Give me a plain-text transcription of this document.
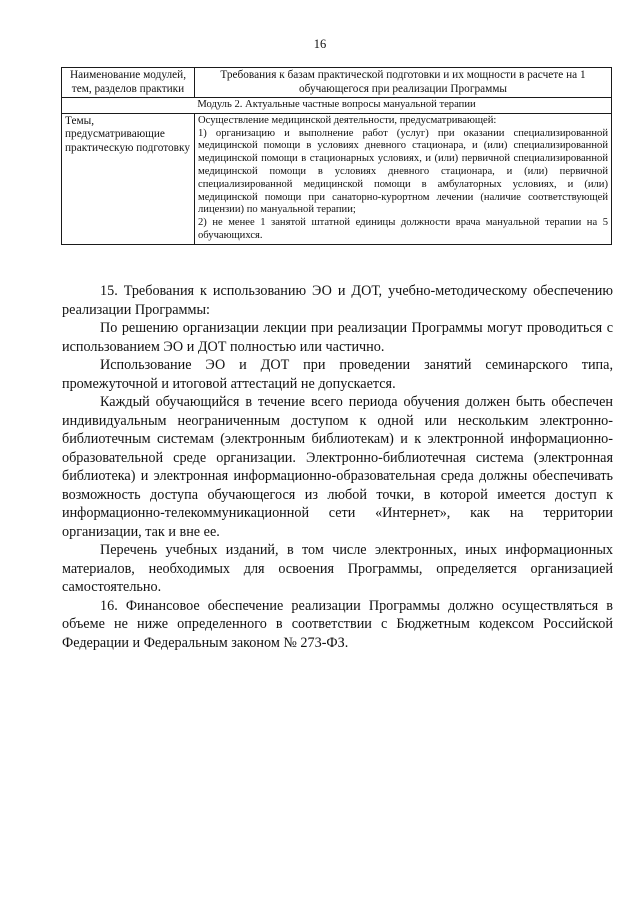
16
Наименование модулей, тем, разделов практики	Требования к базам практической подготовки и их мощности в расчете на 1 обучающегося при реализации Программы
Модуль 2. Актуальные частные вопросы мануальной терапии	
Темы, предусматривающие практическую подготовку	Осуществление медицинской деятельности, предусматривающей:
1) организацию и выполнение работ (услуг) при оказании специализированной медицинской помощи в условиях дневного стационара, и (или) специализированной медицинской помощи в стационарных условиях, и (или) первичной специализированной медицинской помощи в условиях дневного стационара, и (или) первичной специализированной медицинской помощи в амбулаторных условиях, и (или) медицинской помощи при санаторно-курортном лечении (наличие соответствующей лицензии) по мануальной терапии;
2) не менее 1 занятой штатной единицы должности врача мануальной терапии на 5 обучающихся.

15. Требования к использованию ЭО и ДОТ, учебно-методическому обеспечению реализации Программы:

По решению организации лекции при реализации Программы могут проводиться с использованием ЭО и ДОТ полностью или частично.

Использование ЭО и ДОТ при проведении занятий семинарского типа, промежуточной и итоговой аттестаций не допускается.

Каждый обучающийся в течение всего периода обучения должен быть обеспечен индивидуальным неограниченным доступом к одной или нескольким электронно-библиотечным системам (электронным библиотекам) и к электронной информационно-образовательной среде организации. Электронно-библиотечная система (электронная библиотека) и электронная информационно-образовательная среда должны обеспечивать возможность доступа обучающегося из любой точки, в которой имеется доступ к информационно-телекоммуникационной сети «Интернет», как на территории организации, так и вне ее.

Перечень учебных изданий, в том числе электронных, иных информационных материалов, необходимых для освоения Программы, определяется организацией самостоятельно.

16. Финансовое обеспечение реализации Программы должно осуществляться в объеме не ниже определенного в соответствии с Бюджетным кодексом Российской Федерации и Федеральным законом № 273-ФЗ.
